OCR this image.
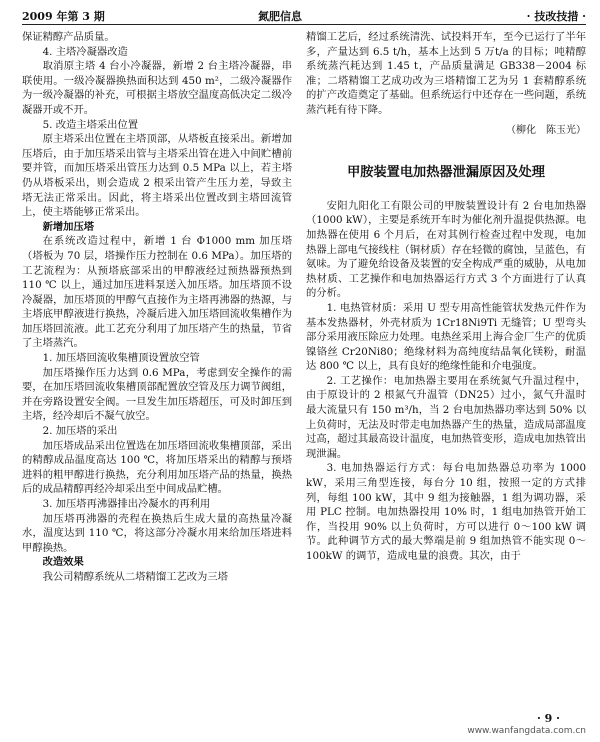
2009 年第 3 期	氮肥信息	· 技改技措 ·

保证精醇产品质量。

4. 主塔冷凝器改造

取消原主塔 4 台小冷凝器，新增 2 台主塔冷凝器，串联使用。一级冷凝器换热面积达到 450 m²，二级冷凝器作为一级冷凝器的补充，可根据主塔放空温度高低决定二级冷凝器开或不开。

5. 改造主塔采出位置

原主塔采出位置在主塔顶部，从塔板直接采出。新增加压塔后，由于加压塔采出管与主塔采出管在进入中间贮槽前要并管，而加压塔采出管压力达到 0.5 MPa 以上，若主塔仍从塔板采出，则会造成 2 根采出管产生压力差，导致主塔无法正常采出。因此，将主塔采出位置改到主塔回流管上，使主塔能够正常采出。

新增加压塔

在系统改造过程中，新增 1 台 Φ1000 mm 加压塔（塔板为 70 层，塔操作压力控制在 0.6 MPa）。加压塔的工艺流程为：从预塔底部采出的甲醇液经过预热器预热到 110 ℃ 以上，通过加压进料泵送入加压塔。加压塔顶不设冷凝器，加压塔顶的甲醇气直接作为主塔再沸器的热源，与主塔底甲醇液进行换热，冷凝后进入加压塔回流收集槽作为加压塔回流液。此工艺充分利用了加压塔产生的热量，节省了主塔蒸汽。

1. 加压塔回流收集槽顶设置放空管

加压塔操作压力达到 0.6 MPa，考虑到安全操作的需要，在加压塔回流收集槽顶部配置放空管及压力调节阀组，并在旁路设置安全阀。一旦发生加压塔超压，可及时卸压到主塔，经冷却后不凝气放空。

2. 加压塔的采出

加压塔成品采出位置选在加压塔回流收集槽顶部，采出的精醇成品温度高达 100 ℃，将加压塔采出的精醇与预塔进料的粗甲醇进行换热，充分利用加压塔产品的热量，换热后的成品精醇再经冷却采出至中间成品贮槽。

3. 加压塔再沸器排出冷凝水的再利用

加压塔再沸器的壳程在换热后生成大量的高热量冷凝水，温度达到 110 ℃，将这部分冷凝水用来给加压塔进料甲醇换热。

改造效果

我公司精醇系统从二塔精馏工艺改为三塔

精馏工艺后，经过系统清洗、试投料开车，至今已运行了半年多，产量达到 6.5 t/h，基本上达到 5 万t/a 的目标；吨精醇系统蒸汽耗达到 1.45 t，产品质量满足 GB338－2004 标准；二塔精馏工艺成功改为三塔精馏工艺为另 1 套精醇系统的扩产改造奠定了基础。但系统运行中还存在一些问题，系统蒸汽耗有待下降。

（柳化　陈玉光）
甲胺装置电加热器泄漏原因及处理

安阳九阳化工有限公司的甲胺装置设计有 2 台电加热器（1000 kW），主要是系统开车时为催化剂升温提供热源。电加热器在使用 6 个月后，在对其例行检查过程中发现，电加热器上部电气接线柱（铜材质）存在轻微的腐蚀，呈蓝色，有氨味。为了避免给设备及装置的安全构成严重的威胁，从电加热材质、工艺操作和电加热器运行方式 3 个方面进行了认真的分析。

1. 电热管材质：采用 U 型专用高性能管状发热元件作为基本发热器材，外壳材质为 1Cr18Ni9Ti 无缝管；U 型弯头部分采用液压除应力处理。电热丝采用上海合金厂生产的优质镍铬丝 Cr20Ni80；绝缘材料为高纯度结晶氧化镁粉，耐温达 800 ℃ 以上，具有良好的绝缘性能和介电强度。

2. 工艺操作：电加热器主要用在系统氮气升温过程中，由于原设计的 2 根氮气升温管（DN25）过小，氮气升温时最大流量只有 150 m³/h，当 2 台电加热器功率达到 50% 以上负荷时，无法及时带走电加热器产生的热量，造成局部温度过高，超过其最高设计温度，电加热管变形，造成电加热管出现泄漏。

3. 电加热器运行方式：每台电加热器总功率为 1000 kW，采用三角型连接，每台分 10 组，按照一定的方式排列，每组 100 kW，其中 9 组为接触器，1 组为调功器，采用 PLC 控制。电加热器投用 10% 时，1 组电加热管开始工作，当投用 90% 以上负荷时，方可以进行 0～100 kW 调节。此种调节方式的最大弊端是前 9 组加热管不能实现 0～100kW 的调节，造成电量的浪费。其次，由于

· 9 ·
www.wanfangdata.com.cn
